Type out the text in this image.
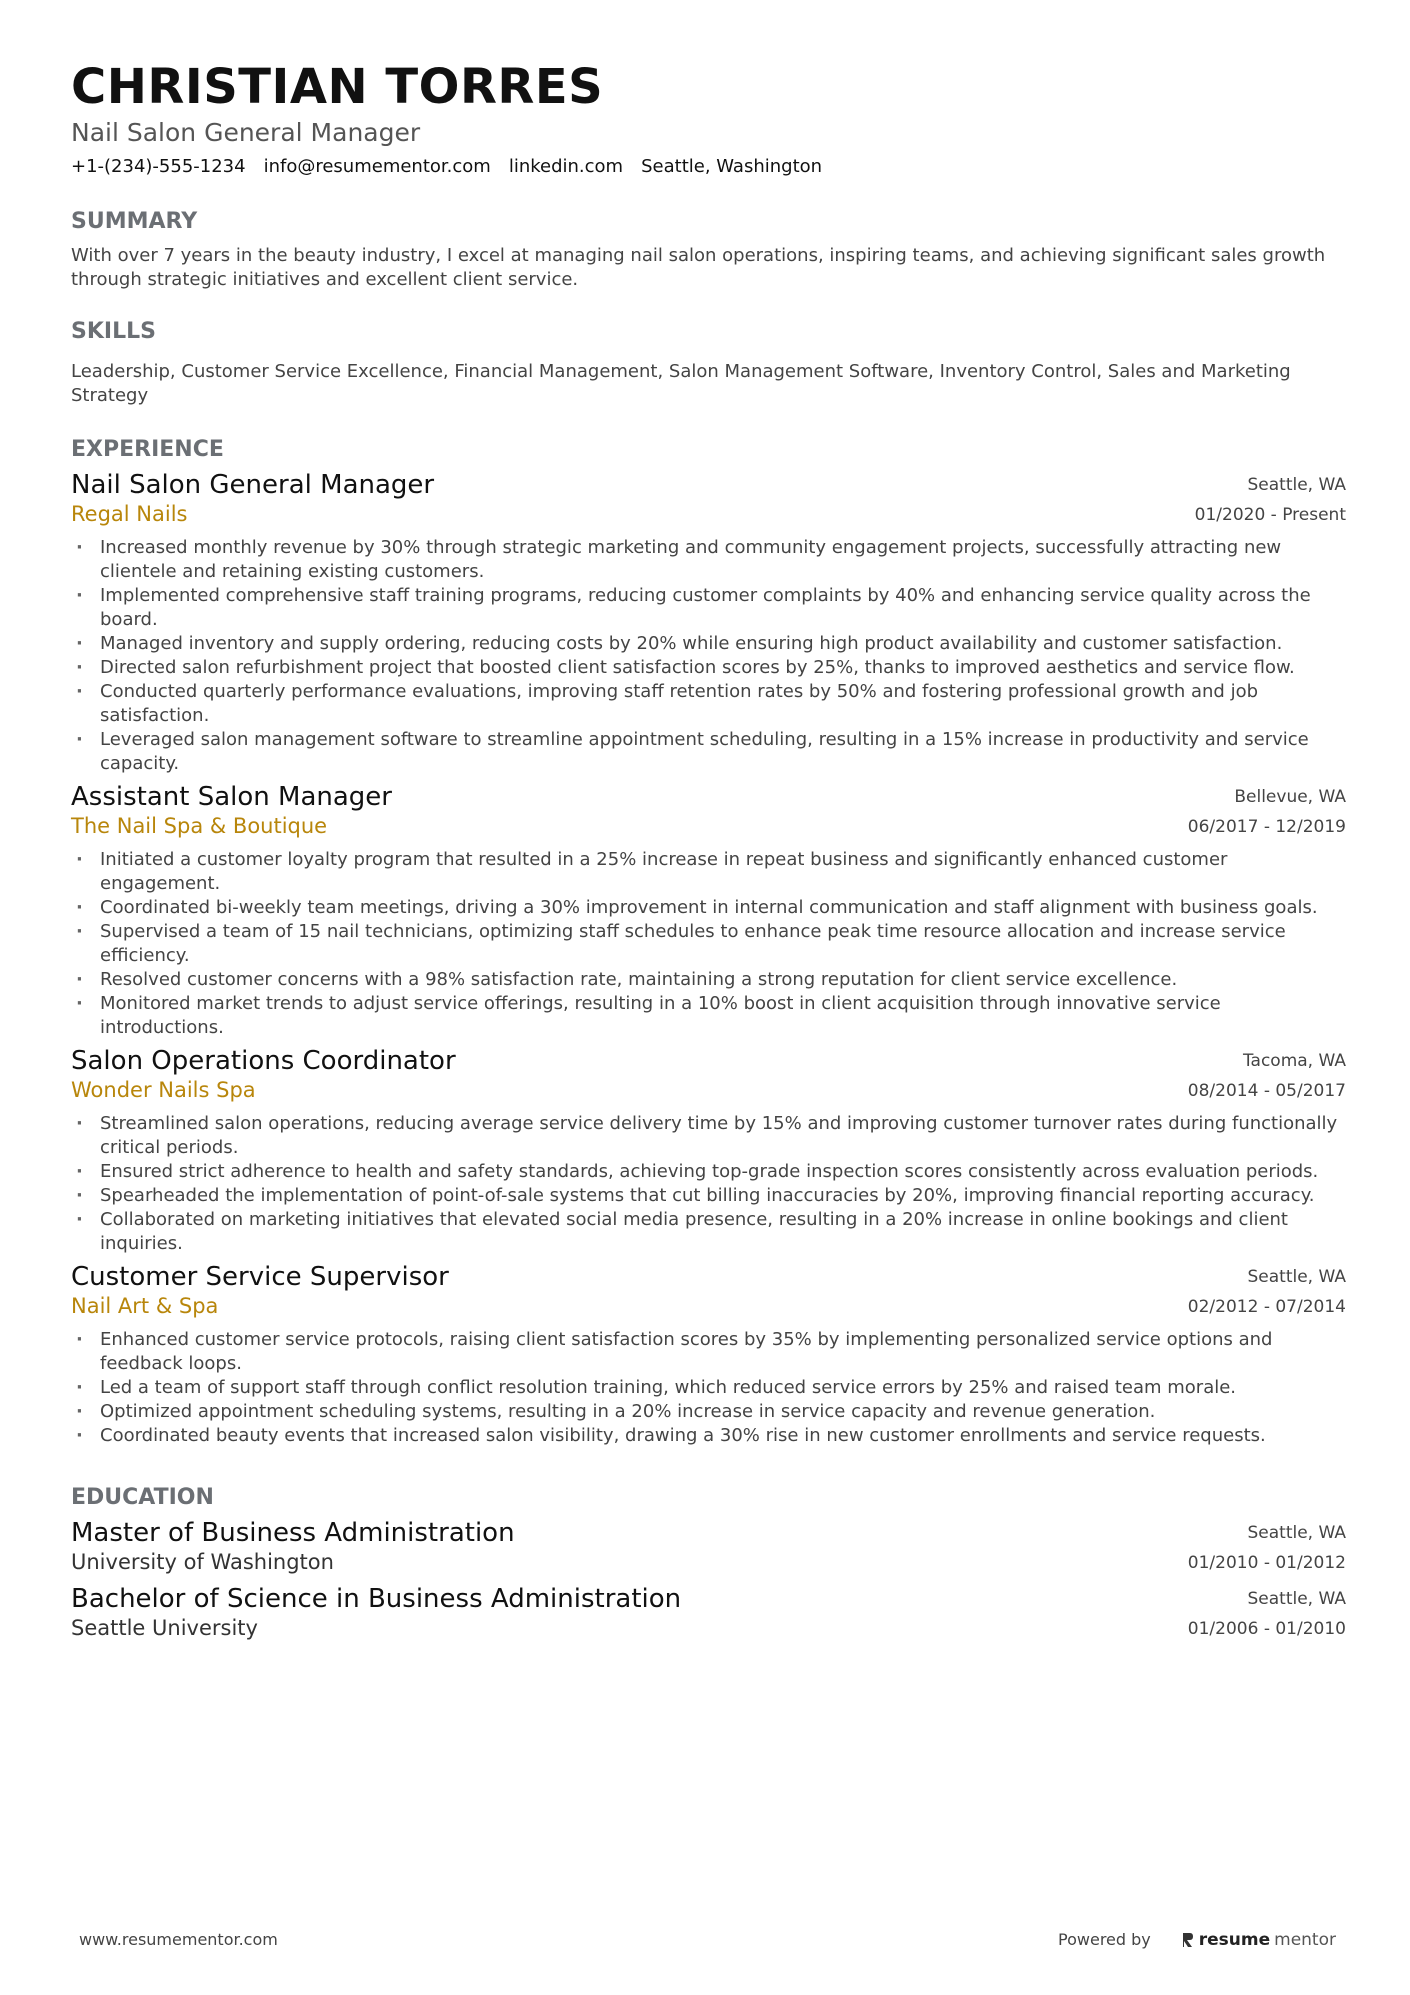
CHRISTIAN TORRES
Nail Salon General Manager
+1-(234)-555-1234 info@resumementor.com linkedin.com Seattle, Washington
SUMMARY
With over 7 years in the beauty industry, I excel at managing nail salon operations, inspiring teams, and achieving significant sales growth through strategic initiatives and excellent client service.
SKILLS
Leadership, Customer Service Excellence, Financial Management, Salon Management Software, Inventory Control, Sales and Marketing Strategy
EXPERIENCE
Nail Salon General Manager
Regal Nails
Seattle, WA
01/2020 - Present
· Increased monthly revenue by 30% through strategic marketing and community engagement projects, successfully attracting new clientele and retaining existing customers.
· Implemented comprehensive staff training programs, reducing customer complaints by 40% and enhancing service quality across the board.
· Managed inventory and supply ordering, reducing costs by 20% while ensuring high product availability and customer satisfaction.
· Directed salon refurbishment project that boosted client satisfaction scores by 25%, thanks to improved aesthetics and service flow.
· Conducted quarterly performance evaluations, improving staff retention rates by 50% and fostering professional growth and job satisfaction.
· Leveraged salon management software to streamline appointment scheduling, resulting in a 15% increase in productivity and service capacity.
Assistant Salon Manager
The Nail Spa & Boutique
Bellevue, WA
06/2017 - 12/2019
· Initiated a customer loyalty program that resulted in a 25% increase in repeat business and significantly enhanced customer engagement.
· Coordinated bi-weekly team meetings, driving a 30% improvement in internal communication and staff alignment with business goals.
· Supervised a team of 15 nail technicians, optimizing staff schedules to enhance peak time resource allocation and increase service efficiency.
· Resolved customer concerns with a 98% satisfaction rate, maintaining a strong reputation for client service excellence.
· Monitored market trends to adjust service offerings, resulting in a 10% boost in client acquisition through innovative service introductions.
Salon Operations Coordinator
Wonder Nails Spa
Tacoma, WA
08/2014 - 05/2017
· Streamlined salon operations, reducing average service delivery time by 15% and improving customer turnover rates during functionally critical periods.
· Ensured strict adherence to health and safety standards, achieving top-grade inspection scores consistently across evaluation periods.
· Spearheaded the implementation of point-of-sale systems that cut billing inaccuracies by 20%, improving financial reporting accuracy.
· Collaborated on marketing initiatives that elevated social media presence, resulting in a 20% increase in online bookings and client inquiries.
Customer Service Supervisor
Nail Art & Spa
Seattle, WA
02/2012 - 07/2014
· Enhanced customer service protocols, raising client satisfaction scores by 35% by implementing personalized service options and feedback loops.
· Led a team of support staff through conflict resolution training, which reduced service errors by 25% and raised team morale.
· Optimized appointment scheduling systems, resulting in a 20% increase in service capacity and revenue generation.
· Coordinated beauty events that increased salon visibility, drawing a 30% rise in new customer enrollments and service requests.
EDUCATION
Master of Business Administration
University of Washington
Seattle, WA
01/2010 - 01/2012
Bachelor of Science in Business Administration
Seattle University
Seattle, WA
01/2006 - 01/2010
www.resumementor.com	Powered by	resume mentor
